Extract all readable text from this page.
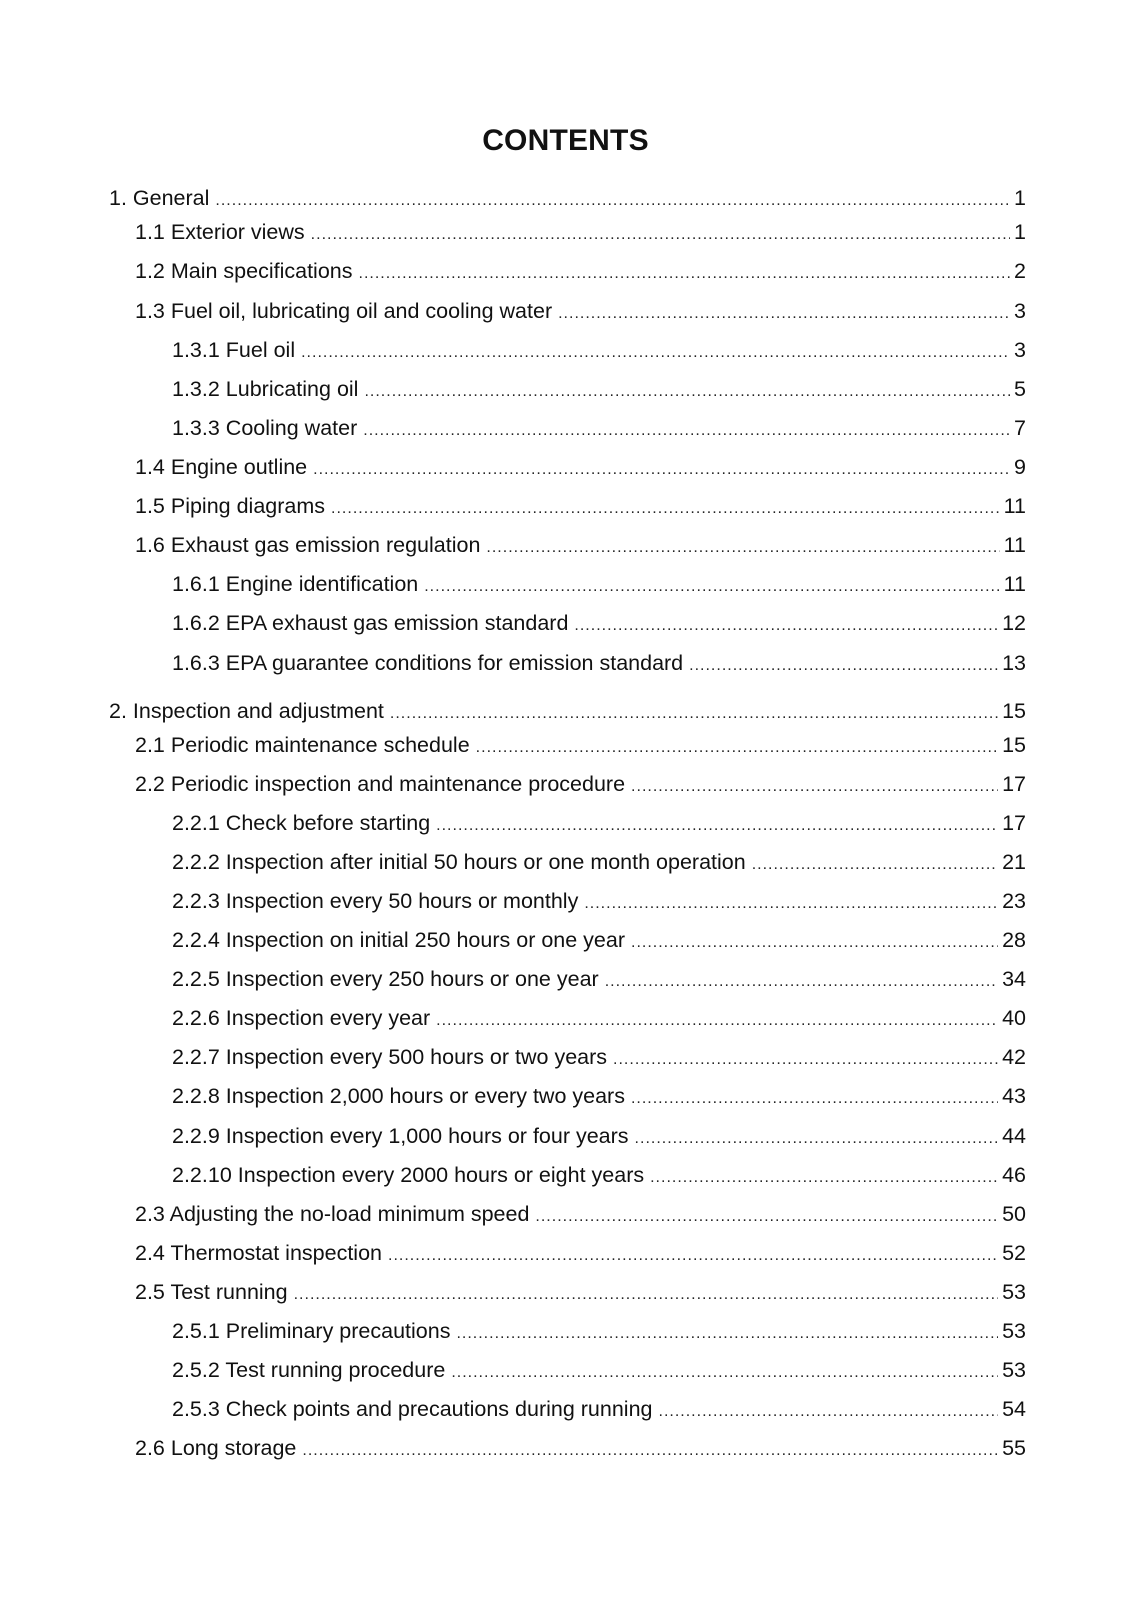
CONTENTS
1. General .....	1
1.1 Exterior views .....	1
1.2 Main specifications .....	2
1.3 Fuel oil, lubricating oil and cooling water .....	3
1.3.1 Fuel oil .....	3
1.3.2 Lubricating oil .....	5
1.3.3 Cooling water .....	7
1.4 Engine outline .....	9
1.5 Piping diagrams .....	11
1.6 Exhaust gas emission regulation .....	11
1.6.1 Engine identification .....	11
1.6.2 EPA exhaust gas emission standard .....	12
1.6.3 EPA guarantee conditions for emission standard .....	13
2. Inspection and adjustment .....	15
2.1 Periodic maintenance schedule .....	15
2.2 Periodic inspection and maintenance procedure .....	17
2.2.1 Check before starting .....	17
2.2.2 Inspection after initial 50 hours or one month operation .....	21
2.2.3 Inspection every 50 hours or monthly .....	23
2.2.4 Inspection on initial 250 hours or one year .....	28
2.2.5 Inspection every 250 hours or one year .....	34
2.2.6 Inspection every year .....	40
2.2.7 Inspection every 500 hours or two years .....	42
2.2.8 Inspection 2,000 hours or every two years .....	43
2.2.9 Inspection every 1,000 hours or four years .....	44
2.2.10 Inspection every 2000 hours or eight years .....	46
2.3 Adjusting the no-load minimum speed .....	50
2.4 Thermostat inspection .....	52
2.5 Test running .....	53
2.5.1 Preliminary precautions .....	53
2.5.2 Test running procedure .....	53
2.5.3 Check points and precautions during running .....	54
2.6 Long storage .....	55
